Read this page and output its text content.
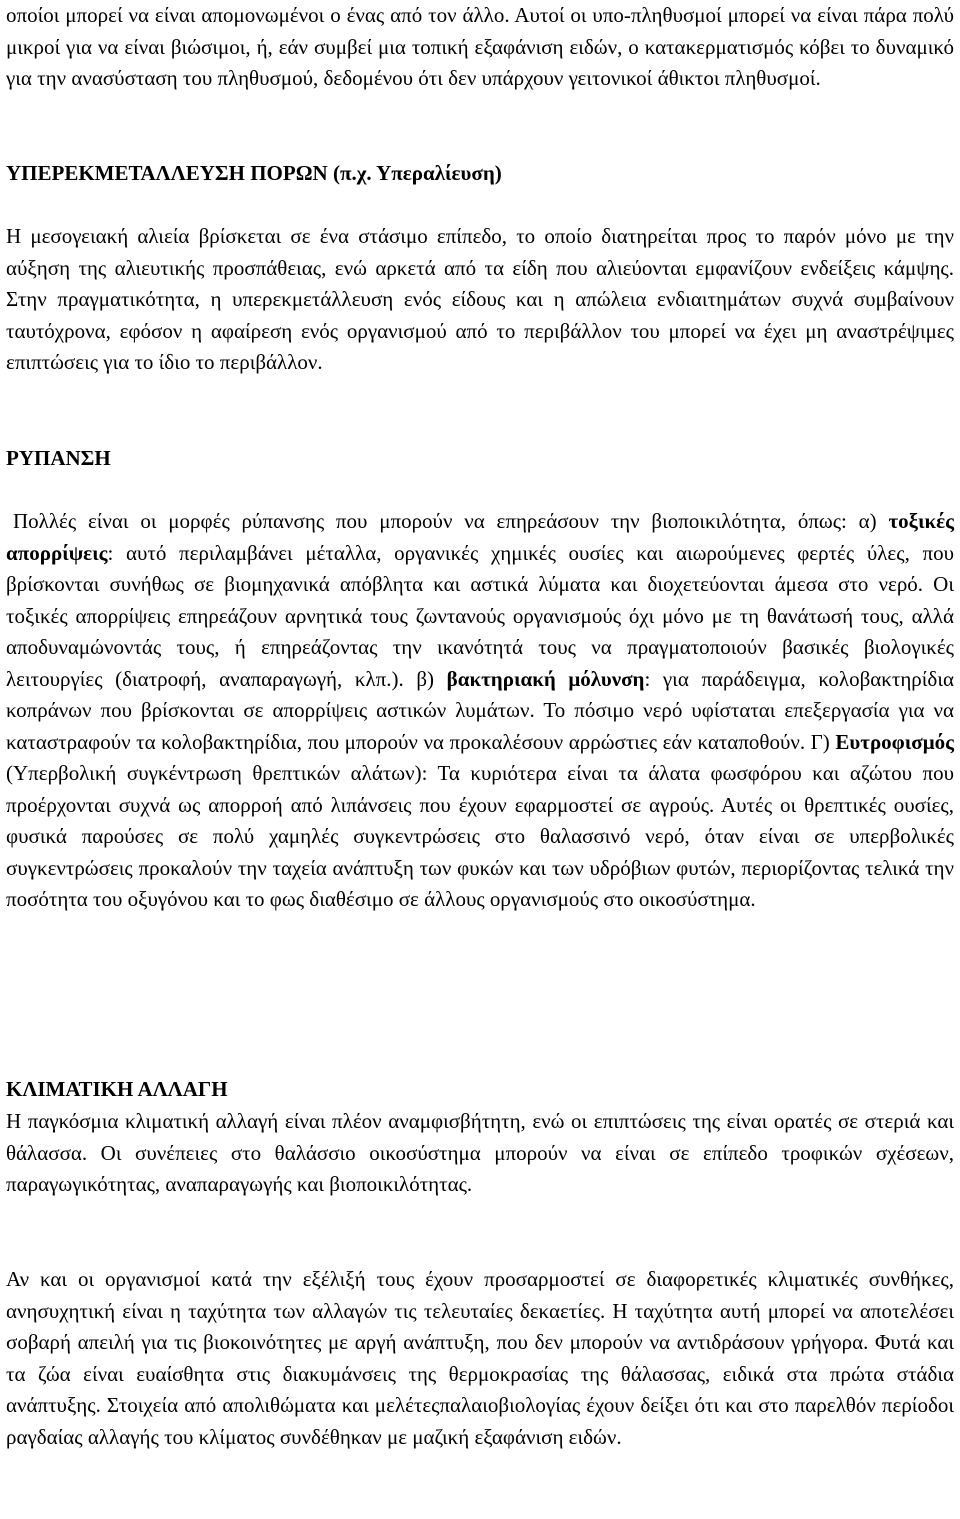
οποίοι μπορεί να είναι απομονωμένοι ο ένας από τον άλλο. Αυτοί οι υπο-πληθυσμοί μπορεί να είναι πάρα πολύ μικροί για να είναι βιώσιμοι, ή, εάν συμβεί μια τοπική εξαφάνιση ειδών, ο κατακερματισμός κόβει το δυναμικό για την ανασύσταση του πληθυσμού, δεδομένου ότι δεν υπάρχουν γειτονικοί άθικτοι πληθυσμοί.

ΥΠΕΡΕΚΜΕΤΑΛΛΕΥΣΗ ΠΟΡΩΝ (π.χ. Υπεραλίευση)

Η μεσογειακή αλιεία βρίσκεται σε ένα στάσιμο επίπεδο, το οποίο διατηρείται προς το παρόν μόνο με την αύξηση της αλιευτικής προσπάθειας, ενώ αρκετά από τα είδη που αλιεύονται εμφανίζουν ενδείξεις κάμψης. Στην πραγματικότητα, η υπερεκμετάλλευση ενός είδους και η απώλεια ενδιαιτημάτων συχνά συμβαίνουν ταυτόχρονα, εφόσον η αφαίρεση ενός οργανισμού από το περιβάλλον του μπορεί να έχει μη αναστρέψιμες επιπτώσεις για το ίδιο το περιβάλλον.

ΡΥΠΑΝΣΗ

Πολλές είναι οι μορφές ρύπανσης που μπορούν να επηρεάσουν την βιοποικιλότητα, όπως: α) τοξικές απορρίψεις: αυτό περιλαμβάνει μέταλλα, οργανικές χημικές ουσίες και αιωρούμενες φερτές ύλες, που βρίσκονται συνήθως σε βιομηχανικά απόβλητα και αστικά λύματα και διοχετεύονται άμεσα στο νερό. Οι τοξικές απορρίψεις επηρεάζουν αρνητικά τους ζωντανούς οργανισμούς όχι μόνο με τη θανάτωσή τους, αλλά αποδυναμώνοντάς τους, ή επηρεάζοντας την ικανότητά τους να πραγματοποιούν βασικές βιολογικές λειτουργίες (διατροφή, αναπαραγωγή, κλπ.). β) βακτηριακή μόλυνση: για παράδειγμα, κολοβακτηρίδια κοπράνων που βρίσκονται σε απορρίψεις αστικών λυμάτων. Το πόσιμο νερό υφίσταται επεξεργασία για να καταστραφούν τα κολοβακτηρίδια, που μπορούν να προκαλέσουν αρρώστιες εάν καταποθούν. Γ) Ευτροφισμός (Υπερβολική συγκέντρωση θρεπτικών αλάτων): Τα κυριότερα είναι τα άλατα φωσφόρου και αζώτου που προέρχονται συχνά ως απορροή από λιπάνσεις που έχουν εφαρμοστεί σε αγρούς. Αυτές οι θρεπτικές ουσίες, φυσικά παρούσες σε πολύ χαμηλές συγκεντρώσεις στο θαλασσινό νερό, όταν είναι σε υπερβολικές συγκεντρώσεις προκαλούν την ταχεία ανάπτυξη των φυκών και των υδρόβιων φυτών, περιορίζοντας τελικά την ποσότητα του οξυγόνου και το φως διαθέσιμο σε άλλους οργανισμούς στο οικοσύστημα.

ΚΛΙΜΑΤΙΚΗ ΑΛΛΑΓΗ

Η παγκόσμια κλιματική αλλαγή είναι πλέον αναμφισβήτητη, ενώ οι επιπτώσεις της είναι ορατές σε στεριά και θάλασσα. Οι συνέπειες στο θαλάσσιο οικοσύστημα μπορούν να είναι σε επίπεδο τροφικών σχέσεων, παραγωγικότητας, αναπαραγωγής και βιοποικιλότητας.

Αν και οι οργανισμοί κατά την εξέλιξή τους έχουν προσαρμοστεί σε διαφορετικές κλιματικές συνθήκες, ανησυχητική είναι η ταχύτητα των αλλαγών τις τελευταίες δεκαετίες. Η ταχύτητα αυτή μπορεί να αποτελέσει σοβαρή απειλή για τις βιοκοινότητες με αργή ανάπτυξη, που δεν μπορούν να αντιδράσουν γρήγορα. Φυτά και τα ζώα είναι ευαίσθητα στις διακυμάνσεις της θερμοκρασίας της θάλασσας, ειδικά στα πρώτα στάδια ανάπτυξης. Στοιχεία από απολιθώματα και μελέτεςπαλαιοβιολογίας έχουν δείξει ότι και στο παρελθόν περίοδοι ραγδαίας αλλαγής του κλίματος συνδέθηκαν με μαζική εξαφάνιση ειδών.
